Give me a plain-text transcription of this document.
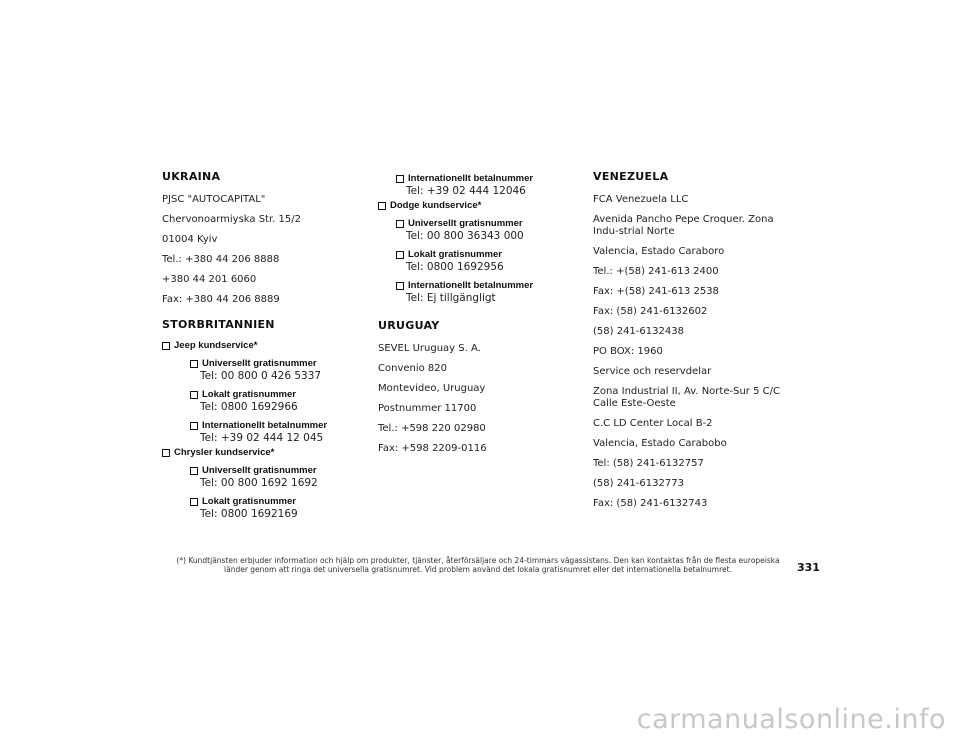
UKRAINA

PJSC "AUTOCAPITAL"

Chervonoarmiyska Str. 15/2

01004 Kyiv

Tel.: +380 44 206 8888

+380 44 201 6060

Fax: +380 44 206 8889

STORBRITANNIEN
Jeep kundservice*
Universellt gratisnummer
Tel: 00 800 0 426 5337
Lokalt gratisnummer
Tel: 0800 1692966
Internationellt betalnummer
Tel: +39 02 444 12 045
Chrysler kundservice*
Universellt gratisnummer
Tel: 00 800 1692 1692
Lokalt gratisnummer
Tel: 0800 1692169
Internationellt betalnummer
Tel: +39 02 444 12046
Dodge kundservice*
Universellt gratisnummer
Tel: 00 800 36343 000
Lokalt gratisnummer
Tel: 0800 1692956
Internationellt betalnummer
Tel: Ej tillgängligt
URUGUAY

SEVEL Uruguay S. A.

Convenio 820

Montevideo, Uruguay

Postnummer 11700

Tel.: +598 220 02980

Fax: +598 2209-0116

VENEZUELA

FCA Venezuela LLC

Avenida Pancho Pepe Croquer. Zona Indu-strial Norte

Valencia, Estado Caraboro

Tel.: +(58) 241-613 2400

Fax: +(58) 241-613 2538

Fax: (58) 241-6132602

(58) 241-6132438

PO BOX: 1960

Service och reservdelar

Zona Industrial II, Av. Norte-Sur 5 C/C Calle Este-Oeste

C.C LD Center Local B-2

Valencia, Estado Carabobo

Tel: (58) 241-6132757

(58) 241-6132773

Fax: (58) 241-6132743

(*) Kundtjänsten erbjuder information och hjälp om produkter, tjänster, återförsäljare och 24-timmars vägassistans. Den kan kontaktas från de flesta europeiska länder genom att ringa det universella gratisnumret. Vid problem använd det lokala gratisnumret eller det internationella betalnumret.	331
carmanualsonline.info
